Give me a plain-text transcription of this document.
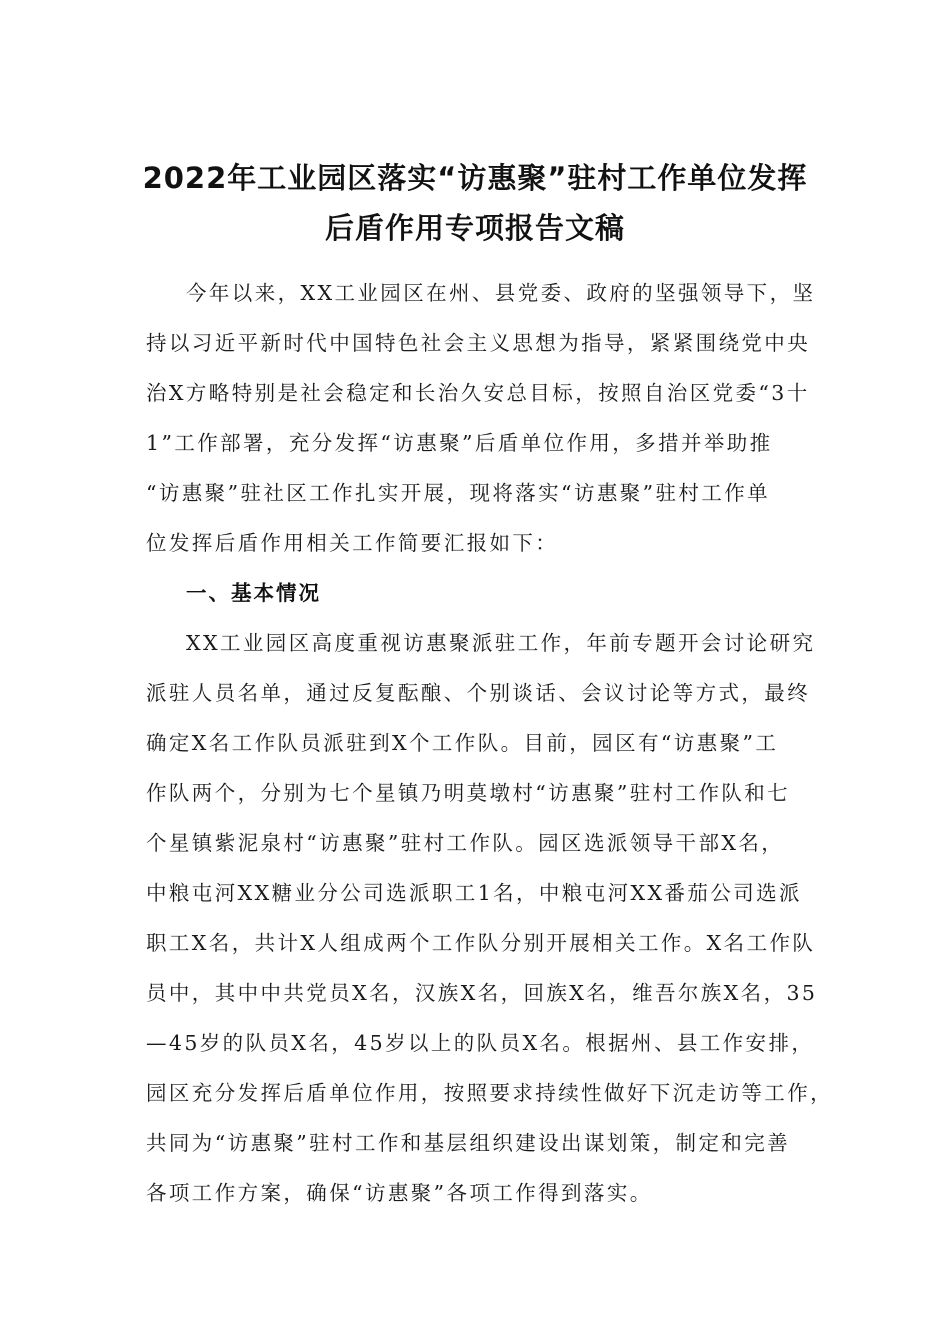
2022年工业园区落实“访惠聚”驻村工作单位发挥
后盾作用专项报告文稿
今年以来，XX工业园区在州、县党委、政府的坚强领导下，坚
持以习近平新时代中国特色社会主义思想为指导，紧紧围绕党中央
治X方略特别是社会稳定和长治久安总目标，按照自治区党委“3十
1”工作部署，充分发挥“访惠聚”后盾单位作用，多措并举助推
“访惠聚”驻社区工作扎实开展，现将落实“访惠聚”驻村工作单
位发挥后盾作用相关工作简要汇报如下：
一、基本情况
XX工业园区高度重视访惠聚派驻工作，年前专题开会讨论研究
派驻人员名单，通过反复酝酿、个别谈话、会议讨论等方式，最终
确定X名工作队员派驻到X个工作队。目前，园区有“访惠聚”工
作队两个，分别为七个星镇乃明莫墩村“访惠聚”驻村工作队和七
个星镇紫泥泉村“访惠聚”驻村工作队。园区选派领导干部X名，
中粮屯河XX糖业分公司选派职工1名，中粮屯河XX番茄公司选派
职工X名，共计X人组成两个工作队分别开展相关工作。X名工作队
员中，其中中共党员X名，汉族X名，回族X名，维吾尔族X名，35
—45岁的队员X名，45岁以上的队员X名。根据州、县工作安排，
园区充分发挥后盾单位作用，按照要求持续性做好下沉走访等工作，
共同为“访惠聚”驻村工作和基层组织建设出谋划策，制定和完善
各项工作方案，确保“访惠聚”各项工作得到落实。
